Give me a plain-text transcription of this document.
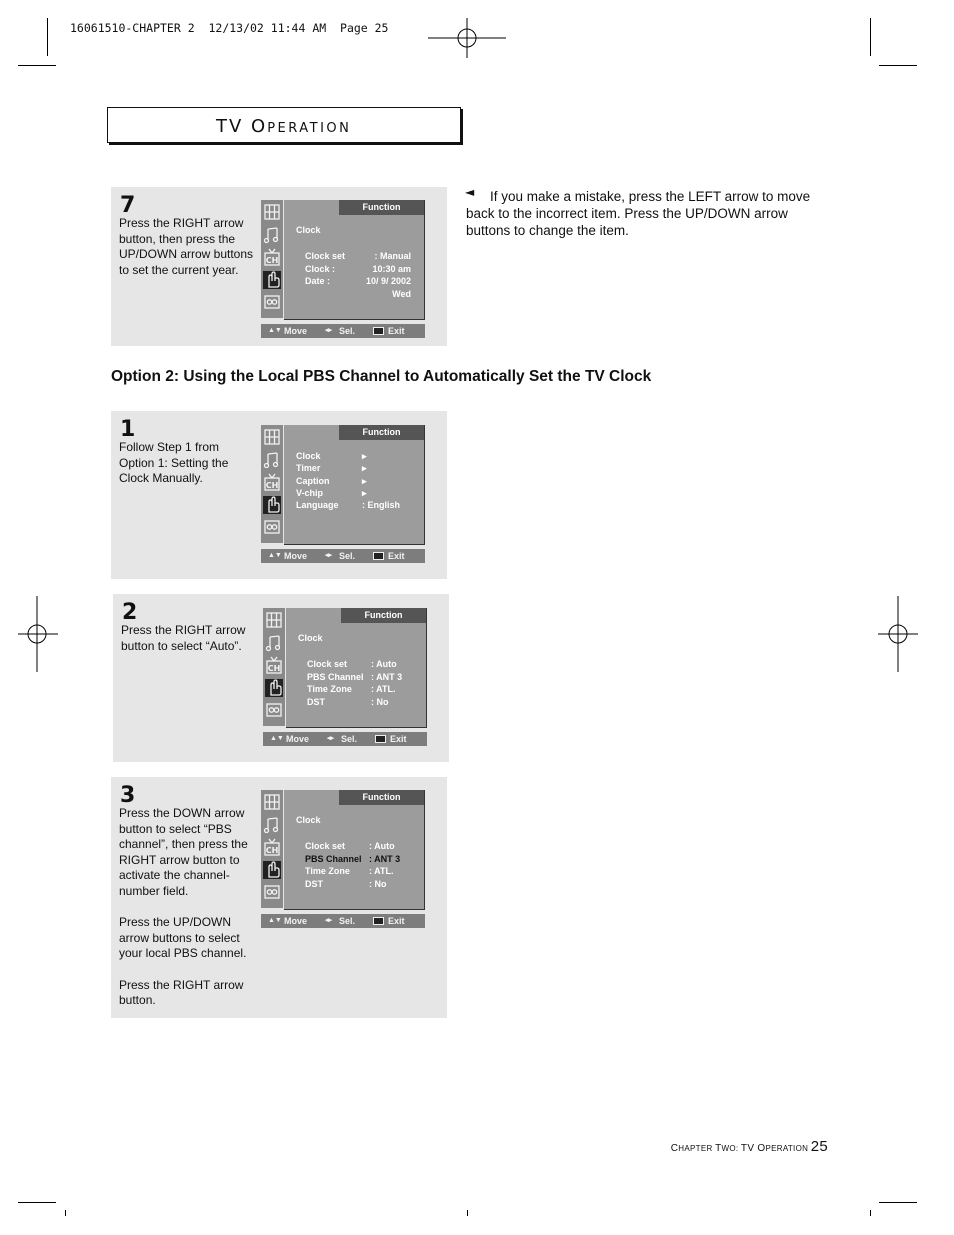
16061510-CHAPTER 2  12/13/02 11:44 AM  Page 25
TV OPERATION
◄	If you make a mistake, press the LEFT arrow to move back to the incorrect item. Press the UP/DOWN arrow buttons to change the item.
Option 2: Using the Local PBS Channel to Automatically Set the TV Clock
7

Press the RIGHT arrow button, then press the UP/DOWN arrow buttons to set the current year.

CH
Function
Clock
Clock set	: Manual
Clock :	10:30 am
Date :	10/ 9/ 2002
Wed
▲▼ Move	◂▸ Sel.	Exit
1

Follow Step 1 from Option 1: Setting the Clock Manually.

CH
Function
Clock	▸
Timer	▸
Caption	▸
V-chip	▸
Language	: English
▲▼ Move	◂▸ Sel.	Exit
2

Press the RIGHT arrow button to select “Auto”.

CH
Function
Clock
Clock set	: Auto
PBS Channel : ANT 3
Time Zone : ATL.
DST	: No
▲▼ Move	◂▸ Sel.	Exit
3

Press the DOWN arrow button to select “PBS channel”, then press the RIGHT arrow button to activate the channel-number field.

Press the UP/DOWN arrow buttons to select your local PBS channel.

Press the RIGHT arrow button.

CH
Function
Clock
Clock set	: Auto
PBS Channel : ANT 3
Time Zone : ATL.
DST	: No
▲▼ Move	◂▸ Sel.	Exit
CHAPTER TWO: TV OPERATION 25
